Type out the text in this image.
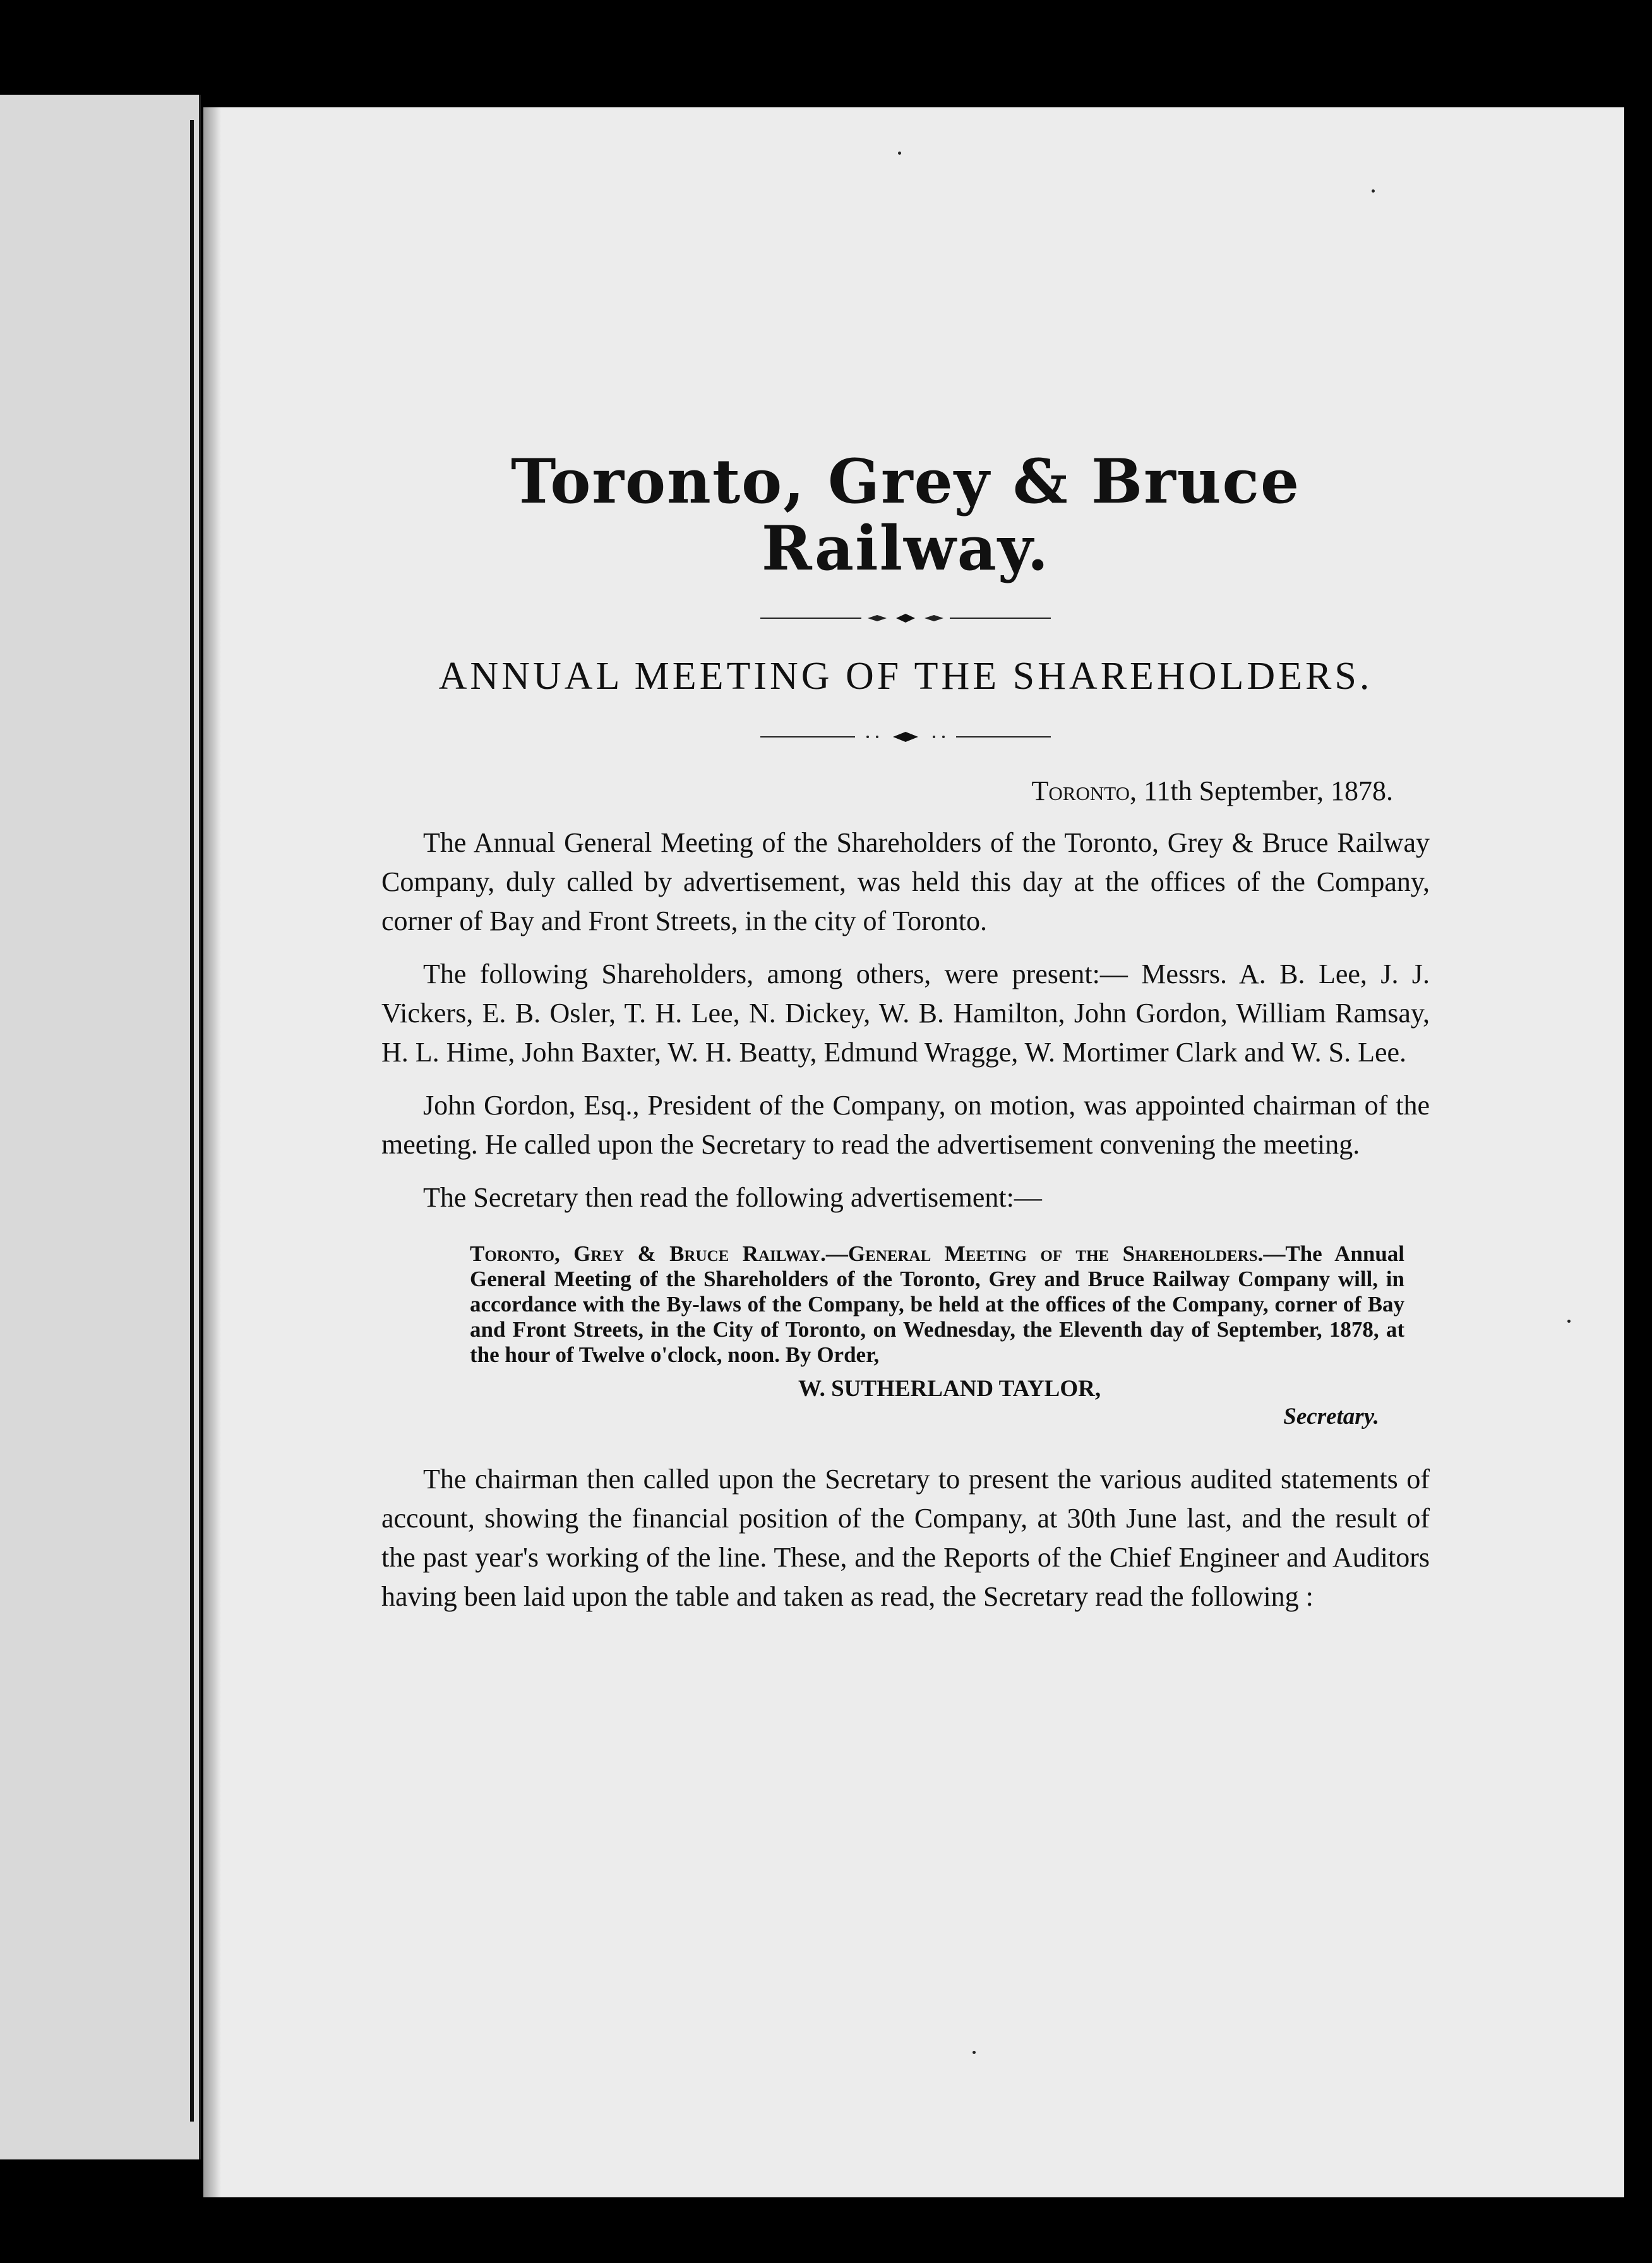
Toronto, Grey & Bruce Railway.
ANNUAL MEETING OF THE SHAREHOLDERS.
Toronto, 11th September, 1878.

The Annual General Meeting of the Shareholders of the Toronto, Grey & Bruce Railway Company, duly called by advertisement, was held this day at the offices of the Company, corner of Bay and Front Streets, in the city of Toronto.

The following Shareholders, among others, were present:— Messrs. A. B. Lee, J. J. Vickers, E. B. Osler, T. H. Lee, N. Dickey, W. B. Hamilton, John Gordon, William Ramsay, H. L. Hime, John Baxter, W. H. Beatty, Edmund Wragge, W. Mortimer Clark and W. S. Lee.

John Gordon, Esq., President of the Company, on motion, was appointed chairman of the meeting. He called upon the Secretary to read the advertisement convening the meeting.

The Secretary then read the following advertisement:—

Toronto, Grey & Bruce Railway.—General Meeting of the Shareholders.—The Annual General Meeting of the Shareholders of the Toronto, Grey and Bruce Railway Company will, in accordance with the By-laws of the Company, be held at the offices of the Company, corner of Bay and Front Streets, in the City of Toronto, on Wednesday, the Eleventh day of September, 1878, at the hour of Twelve o'clock, noon. By Order,
W. SUTHERLAND TAYLOR,
Secretary.

The chairman then called upon the Secretary to present the various audited statements of account, showing the financial position of the Company, at 30th June last, and the result of the past year's working of the line. These, and the Reports of the Chief Engineer and Auditors having been laid upon the table and taken as read, the Secretary read the following :
